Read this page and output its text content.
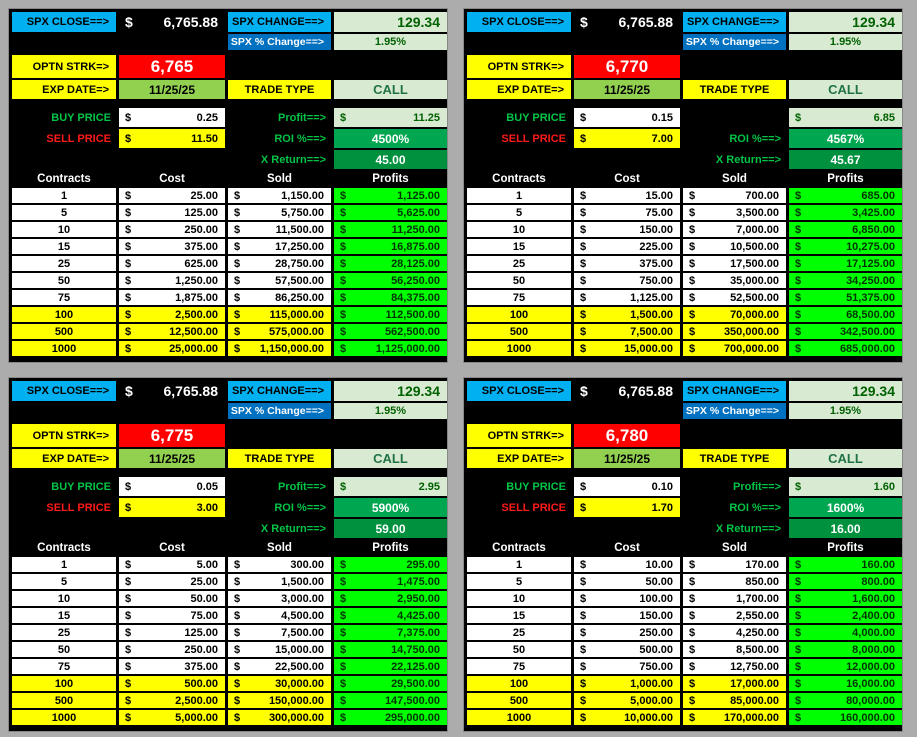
SPX CLOSE==>	$ 6,765.88	SPX CHANGE==>	129.34
SPX % Change==>	1.95%
OPTN STRK=>	6,765
EXP DATE=>	11/25/25	TRADE TYPE	CALL
BUY PRICE	$	0.25	Profit==>	$	11.25
SELL PRICE	$	11.50	ROI %==>	4500%
X Return==>	45.00
Contracts	Cost	Sold	Profits
1	$	25.00 $	1,150.00 $	1,125.00
5	$	125.00 $	5,750.00 $	5,625.00
10	$	250.00 $	11,500.00 $	11,250.00
15	$	375.00 $	17,250.00 $	16,875.00
25	$	625.00 $	28,750.00 $	28,125.00
50	$	1,250.00 $	57,500.00 $	56,250.00
75	$	1,875.00 $	86,250.00 $	84,375.00
100	$	2,500.00 $	115,000.00 $	112,500.00
500	$	12,500.00 $	575,000.00 $	562,500.00
1000	$	25,000.00 $ 1,150,000.00 $	1,125,000.00
SPX CLOSE==>	$ 6,765.88	SPX CHANGE==>	129.34
SPX % Change==>	1.95%
OPTN STRK=>	6,770
EXP DATE=>	11/25/25	TRADE TYPE	CALL
BUY PRICE	$	0.15	$	6.85
SELL PRICE	$	7.00	ROI %==>	4567%
X Return==>	45.67
Contracts	Cost	Sold	Profits
1	$	15.00 $	700.00 $	685.00
5	$	75.00 $	3,500.00 $	3,425.00
10	$	150.00 $	7,000.00 $	6,850.00
15	$	225.00 $	10,500.00 $	10,275.00
25	$	375.00 $	17,500.00 $	17,125.00
50	$	750.00 $	35,000.00 $	34,250.00
75	$	1,125.00 $	52,500.00 $	51,375.00
100	$	1,500.00 $	70,000.00 $	68,500.00
500	$	7,500.00 $	350,000.00 $	342,500.00
1000	$	15,000.00 $	700,000.00 $	685,000.00
SPX CLOSE==>	$ 6,765.88	SPX CHANGE==>	129.34
SPX % Change==>	1.95%
OPTN STRK=>	6,775
EXP DATE=>	11/25/25	TRADE TYPE	CALL
BUY PRICE	$	0.05	Profit==>	$	2.95
SELL PRICE	$	3.00	ROI %==>	5900%
X Return==>	59.00
Contracts	Cost	Sold	Profits
1	$	5.00 $	300.00 $	295.00
5	$	25.00 $	1,500.00 $	1,475.00
10	$	50.00 $	3,000.00 $	2,950.00
15	$	75.00 $	4,500.00 $	4,425.00
25	$	125.00 $	7,500.00 $	7,375.00
50	$	250.00 $	15,000.00 $	14,750.00
75	$	375.00 $	22,500.00 $	22,125.00
100	$	500.00 $	30,000.00 $	29,500.00
500	$	2,500.00 $	150,000.00 $	147,500.00
1000	$	5,000.00 $	300,000.00 $	295,000.00
SPX CLOSE==>	$ 6,765.88	SPX CHANGE==>	129.34
SPX % Change==>	1.95%
OPTN STRK=>	6,780
EXP DATE=>	11/25/25	TRADE TYPE	CALL
BUY PRICE	$	0.10	Profit==>	$	1.60
SELL PRICE	$	1.70	ROI %==>	1600%
X Return==>	16.00
Contracts	Cost	Sold	Profits
1	$	10.00 $	170.00 $	160.00
5	$	50.00 $	850.00 $	800.00
10	$	100.00 $	1,700.00 $	1,600.00
15	$	150.00 $	2,550.00 $	2,400.00
25	$	250.00 $	4,250.00 $	4,000.00
50	$	500.00 $	8,500.00 $	8,000.00
75	$	750.00 $	12,750.00 $	12,000.00
100	$	1,000.00 $	17,000.00 $	16,000.00
500	$	5,000.00 $	85,000.00 $	80,000.00
1000	$	10,000.00 $	170,000.00 $	160,000.00
